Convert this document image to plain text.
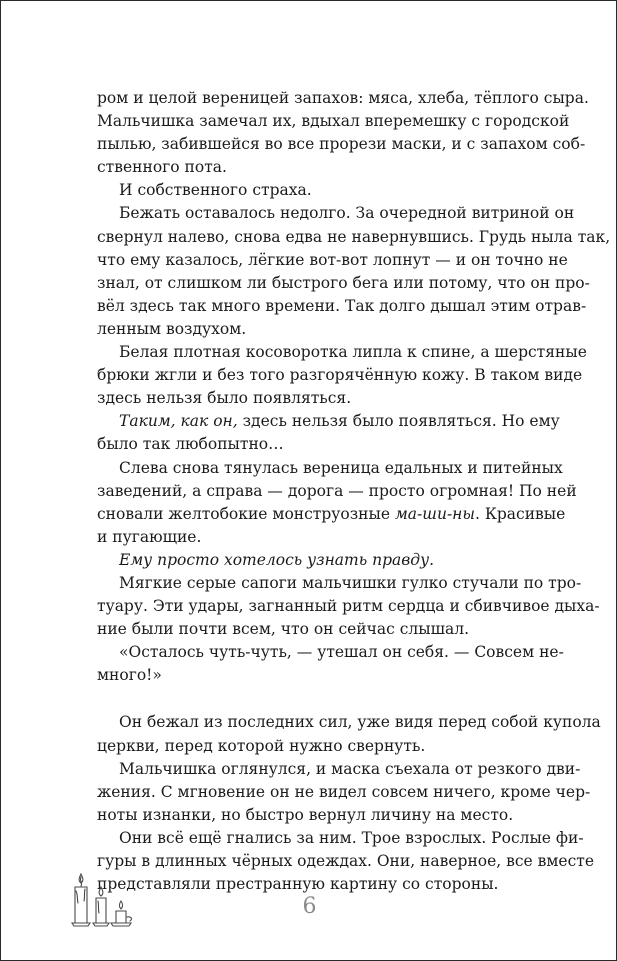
ром и целой вереницей запахов: мяса, хлеба, тёплого сыра.
Мальчишка замечал их, вдыхал вперемешку с городской
пылью, забившейся во все прорези маски, и с запахом соб-
ственного пота.
И собственного страха.
Бежать оставалось недолго. За очередной витриной он
свернул налево, снова едва не навернувшись. Грудь ныла так,
что ему казалось, лёгкие вот-вот лопнут — и он точно не
знал, от слишком ли быстрого бега или потому, что он про-
вёл здесь так много времени. Так долго дышал этим отрав-
ленным воздухом.
Белая плотная косоворотка липла к спине, а шерстяные
брюки жгли и без того разгорячённую кожу. В таком виде
здесь нельзя было появляться.
Таким, как он, здесь нельзя было появляться. Но ему
было так любопытно…
Слева снова тянулась вереница едальных и питейных
заведений, а справа — дорога — просто огромная! По ней
сновали желтобокие монструозные ма-ши-ны. Красивые
и пугающие.
Ему просто хотелось узнать правду.
Мягкие серые сапоги мальчишки гулко стучали по тро-
туару. Эти удары, загнанный ритм сердца и сбивчивое дыха-
ние были почти всем, что он сейчас слышал.
«Осталось чуть-чуть, — утешал он себя. — Совсем не-
много!»
Он бежал из последних сил, уже видя перед собой купола
церкви, перед которой нужно свернуть.
Мальчишка оглянулся, и маска съехала от резкого дви-
жения. С мгновение он не видел совсем ничего, кроме чер-
ноты изнанки, но быстро вернул личину на место.
Они всё ещё гнались за ним. Трое взрослых. Рослые фи-
гуры в длинных чёрных одеждах. Они, наверное, все вместе
представляли престранную картину со стороны.
6
